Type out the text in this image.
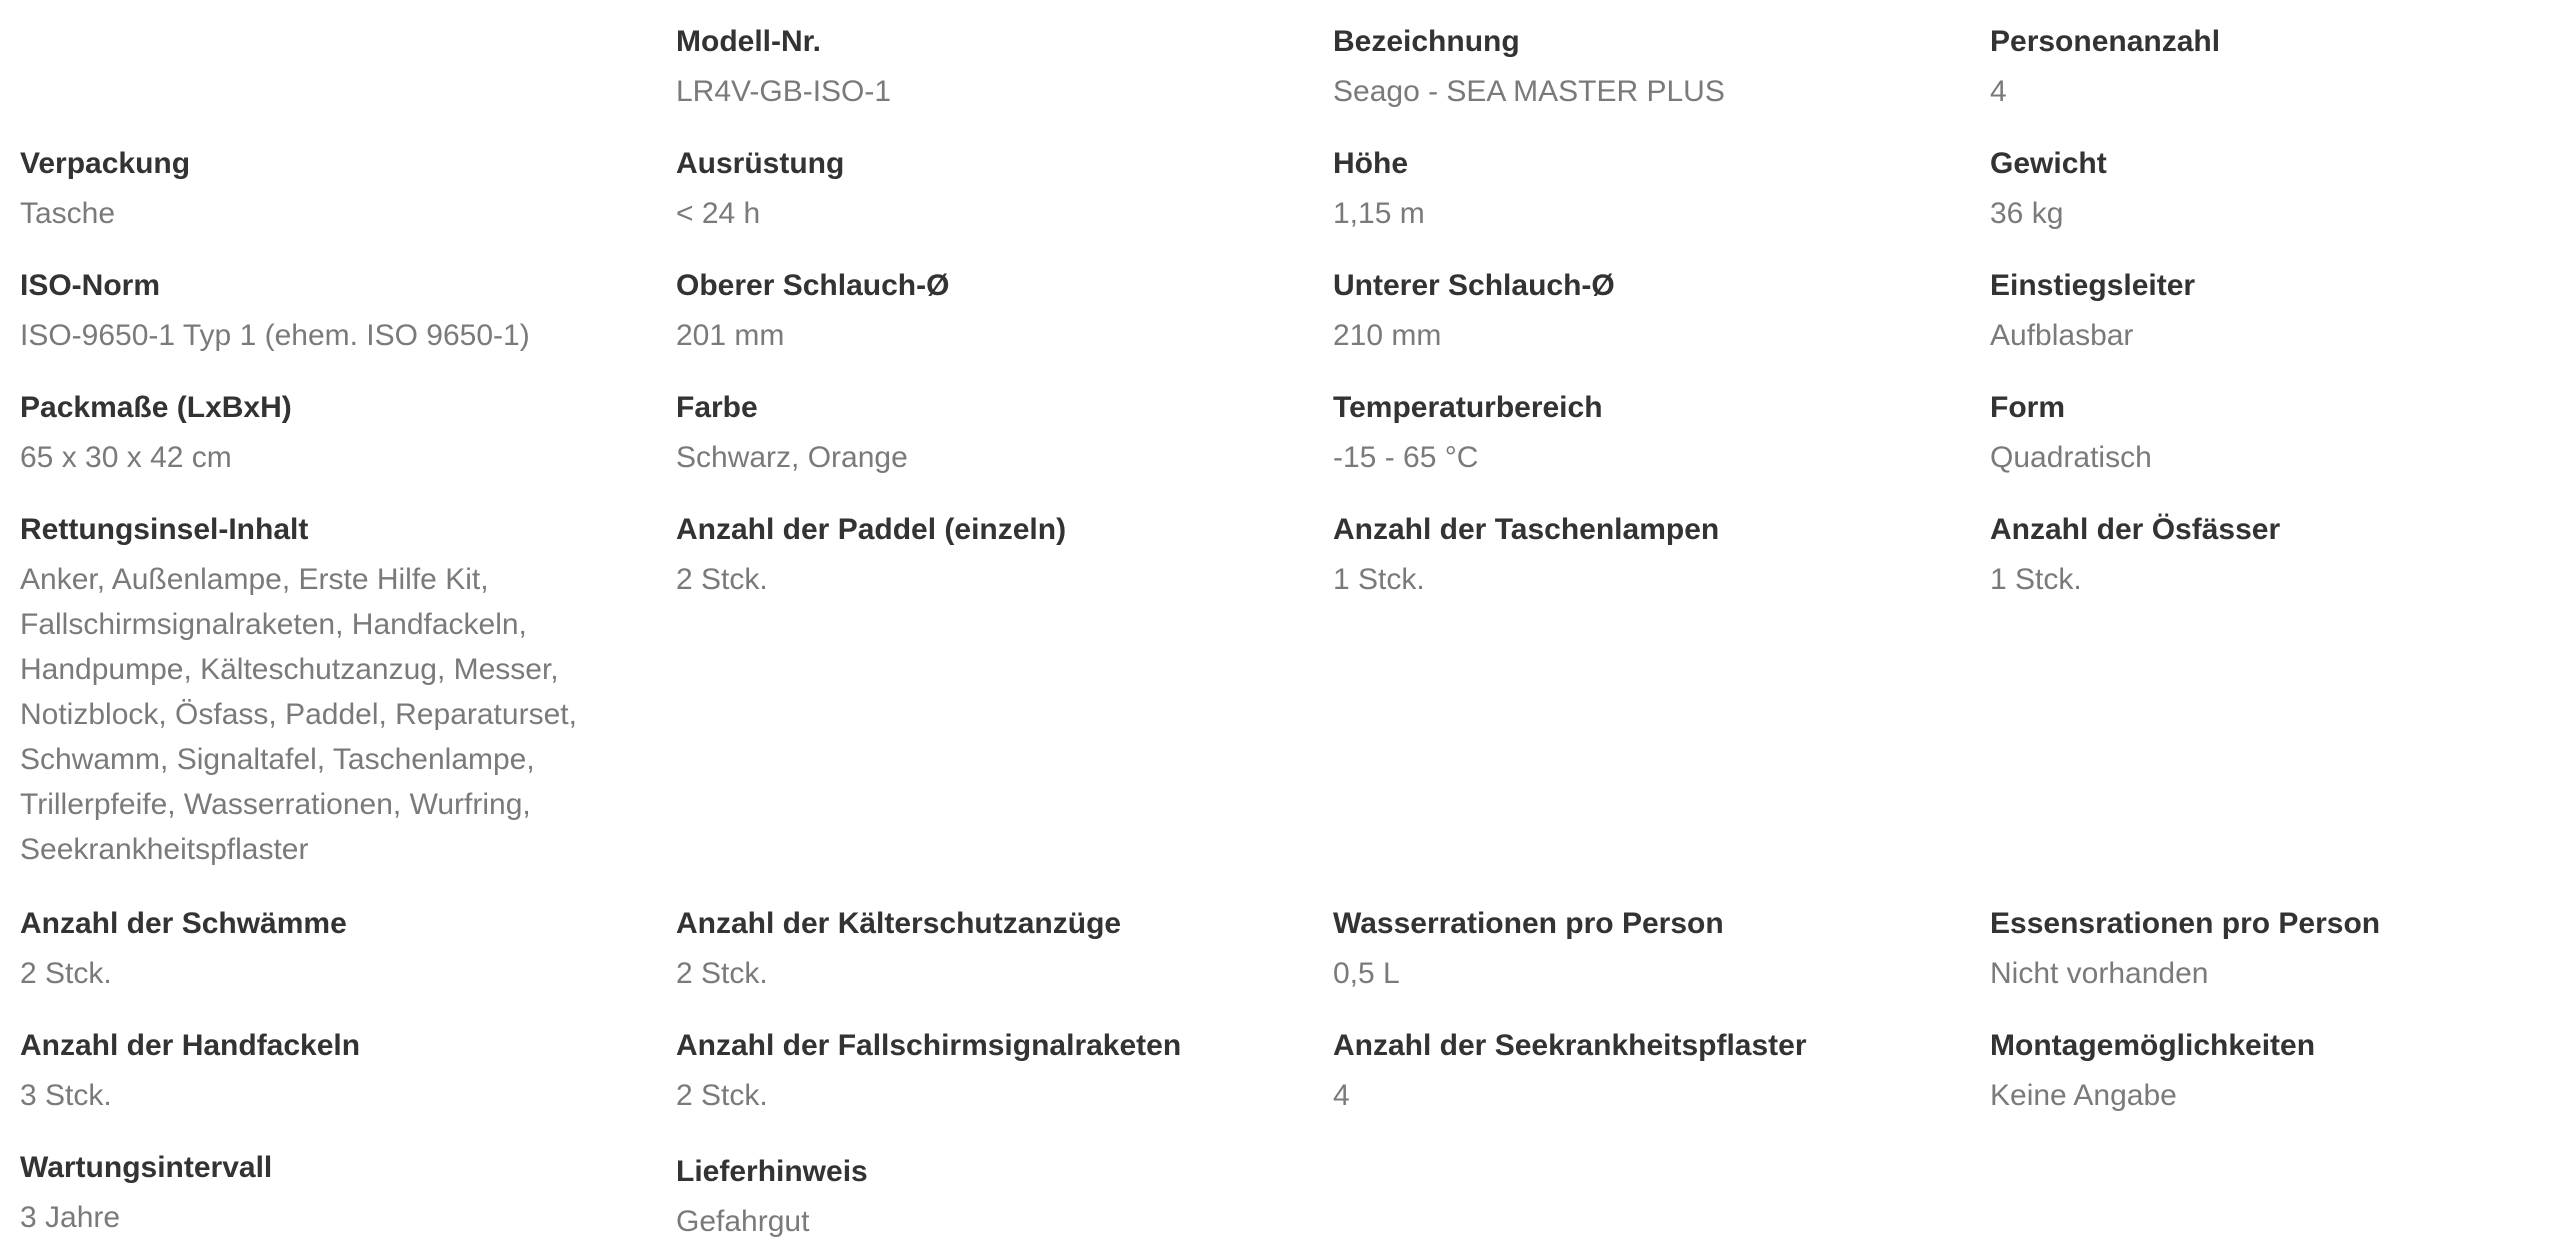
Modell-Nr.
LR4V-GB-ISO-1
Bezeichnung
Seago - SEA MASTER PLUS
Personenanzahl
4
Verpackung
Tasche
Ausrüstung
< 24 h
Höhe
1,15 m
Gewicht
36 kg
ISO-Norm
ISO-9650-1 Typ 1 (ehem. ISO 9650-1)
Oberer Schlauch-Ø
201 mm
Unterer Schlauch-Ø
210 mm
Einstiegsleiter
Aufblasbar
Packmaße (LxBxH)
65 x 30 x 42 cm
Farbe
Schwarz, Orange
Temperaturbereich
-15 - 65 °C
Form
Quadratisch
Rettungsinsel-Inhalt
Anker, Außenlampe, Erste Hilfe Kit, Fallschirmsignalraketen, Handfackeln, Handpumpe, Kälteschutzanzug, Messer, Notizblock, Ösfass, Paddel, Reparaturset, Schwamm, Signaltafel, Taschenlampe, Trillerpfeife, Wasserrationen, Wurfring, Seekrankheitspflaster
Anzahl der Paddel (einzeln)
2 Stck.
Anzahl der Taschenlampen
1 Stck.
Anzahl der Ösfässer
1 Stck.
Anzahl der Schwämme
2 Stck.
Anzahl der Kälterschutzanzüge
2 Stck.
Wasserrationen pro Person
0,5 L
Essensrationen pro Person
Nicht vorhanden
Anzahl der Handfackeln
3 Stck.
Anzahl der Fallschirmsignalraketen
2 Stck.
Anzahl der Seekrankheitspflaster
4
Montagemöglichkeiten
Keine Angabe
Wartungsintervall
3 Jahre
Lieferhinweis
Gefahrgut
